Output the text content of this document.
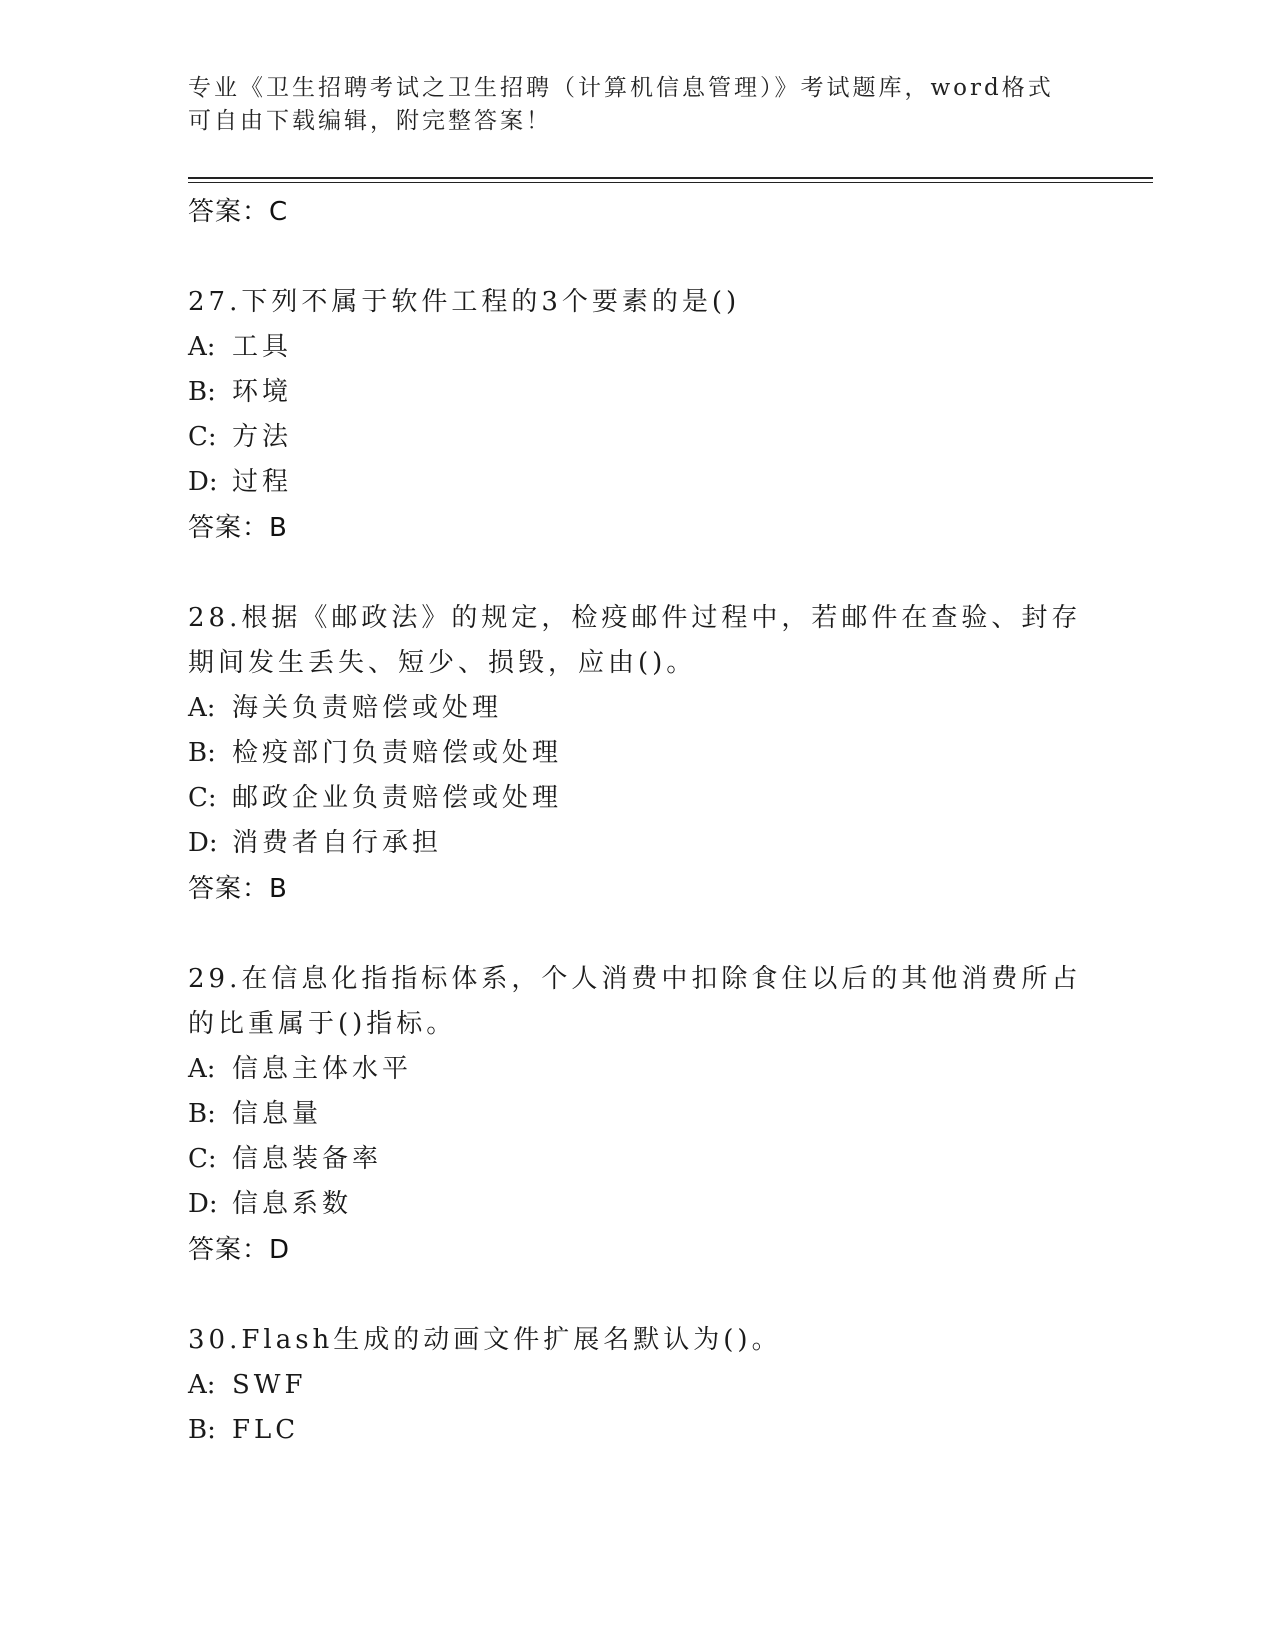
专业《卫生招聘考试之卫生招聘（计算机信息管理）》考试题库，word格式可自由下载编辑，附完整答案！
答案：C
27.下列不属于软件工程的3个要素的是()
A: 工具
B: 环境
C: 方法
D: 过程
答案：B
28.根据《邮政法》的规定，检疫邮件过程中，若邮件在查验、封存期间发生丢失、短少、损毁，应由()。
A: 海关负责赔偿或处理
B: 检疫部门负责赔偿或处理
C: 邮政企业负责赔偿或处理
D: 消费者自行承担
答案：B
29.在信息化指指标体系，个人消费中扣除食住以后的其他消费所占的比重属于()指标。
A: 信息主体水平
B: 信息量
C: 信息装备率
D: 信息系数
答案：D
30.Flash生成的动画文件扩展名默认为()。
A: SWF
B: FLC
